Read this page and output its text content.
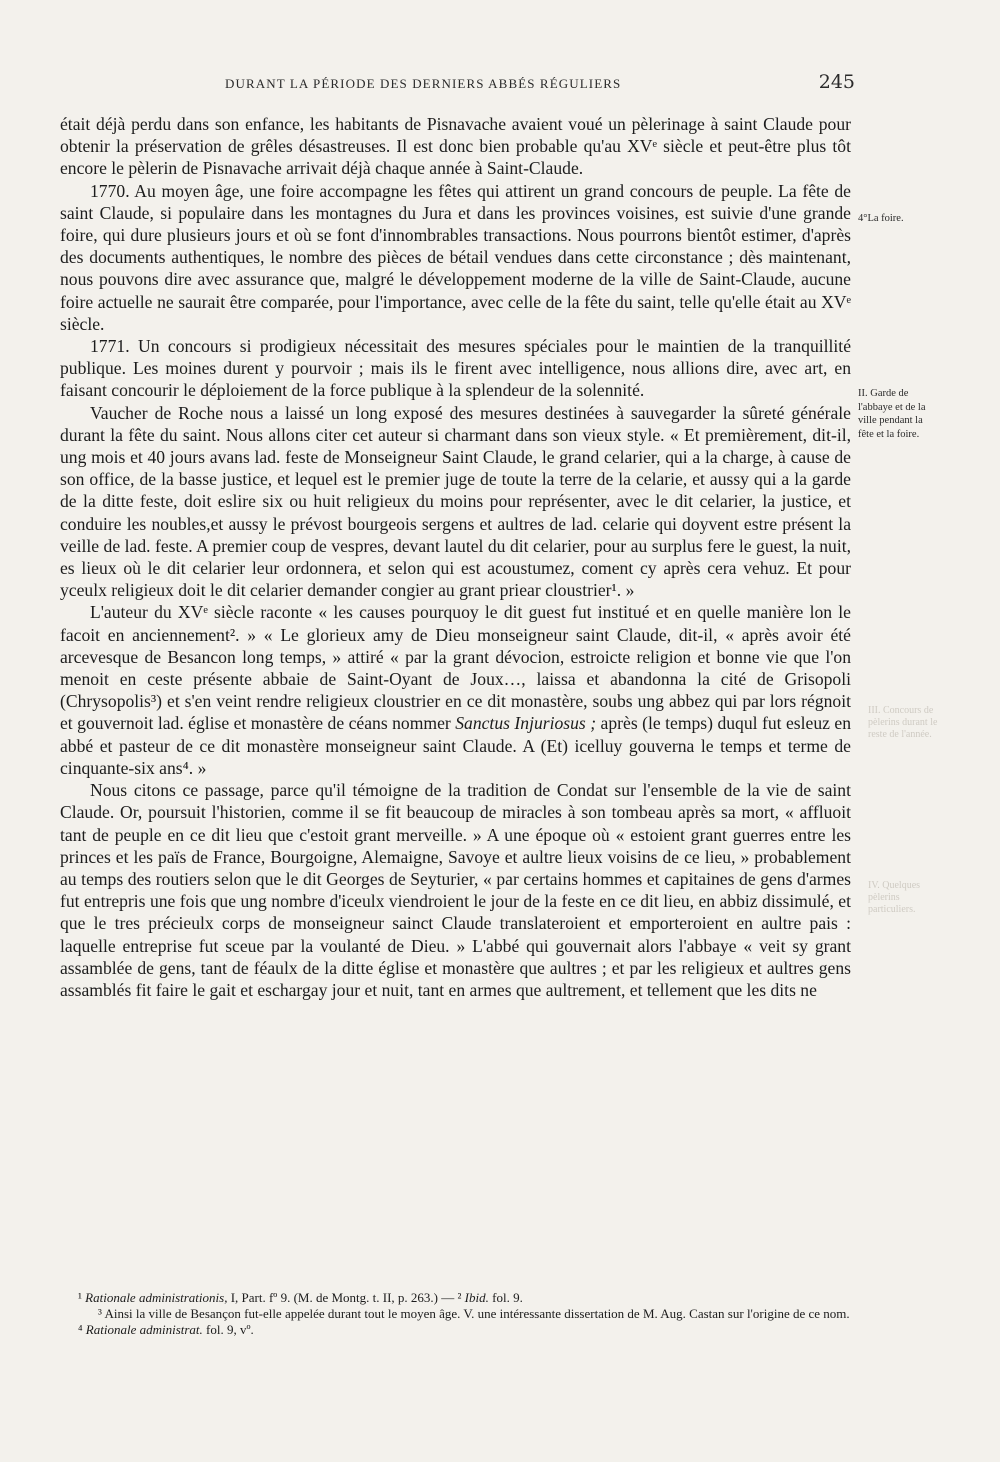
DURANT LA PÉRIODE DES DERNIERS ABBÉS RÉGULIERS	245
4°La foire.
II. Garde de l'abbaye et de la ville pendant la fête et la foire.
III. Concours de pèlerins durant le reste de l'année.
IV. Quelques pèlerins particuliers.

était déjà perdu dans son enfance, les habitants de Pisnavache avaient voué un pèlerinage à saint Claude pour obtenir la préservation de grêles désastreuses. Il est donc bien probable qu'au XVᵉ siècle et peut-être plus tôt encore le pèlerin de Pisnavache arrivait déjà chaque année à Saint-Claude.

1770. Au moyen âge, une foire accompagne les fêtes qui attirent un grand concours de peuple. La fête de saint Claude, si populaire dans les montagnes du Jura et dans les provinces voisines, est suivie d'une grande foire, qui dure plusieurs jours et où se font d'innombrables transactions. Nous pourrons bientôt estimer, d'après des documents authentiques, le nombre des pièces de bétail vendues dans cette circonstance ; dès maintenant, nous pouvons dire avec assurance que, malgré le développement moderne de la ville de Saint-Claude, aucune foire actuelle ne saurait être comparée, pour l'importance, avec celle de la fête du saint, telle qu'elle était au XVᵉ siècle.

1771. Un concours si prodigieux nécessitait des mesures spéciales pour le maintien de la tranquillité publique. Les moines durent y pourvoir ; mais ils le firent avec intelligence, nous allions dire, avec art, en faisant concourir le déploiement de la force publique à la splendeur de la solennité.

Vaucher de Roche nous a laissé un long exposé des mesures destinées à sauvegarder la sûreté générale durant la fête du saint. Nous allons citer cet auteur si charmant dans son vieux style. « Et premièrement, dit-il, ung mois et 40 jours avans lad. feste de Monseigneur Saint Claude, le grand celarier, qui a la charge, à cause de son office, de la basse justice, et lequel est le premier juge de toute la terre de la celarie, et aussy qui a la garde de la ditte feste, doit eslire six ou huit religieux du moins pour représenter, avec le dit celarier, la justice, et conduire les noubles,et aussy le prévost bourgeois sergens et aultres de lad. celarie qui doyvent estre présent la veille de lad. feste. A premier coup de vespres, devant lautel du dit celarier, pour au surplus fere le guest, la nuit, es lieux où le dit celarier leur ordonnera, et selon qui est acoustumez, coment cy après cera vehuz. Et pour yceulx religieux doit le dit celarier demander congier au grant priear cloustrier¹. »

L'auteur du XVᵉ siècle raconte « les causes pourquoy le dit guest fut institué et en quelle manière lon le facoit en anciennement². » « Le glorieux amy de Dieu monseigneur saint Claude, dit-il, « après avoir été arcevesque de Besancon long temps, » attiré « par la grant dévocion, estroicte religion et bonne vie que l'on menoit en ceste présente abbaie de Saint-Oyant de Joux…, laissa et abandonna la cité de Grisopoli (Chrysopolis³) et s'en veint rendre religieux cloustrier en ce dit monastère, soubs ung abbez qui par lors régnoit et gouvernoit lad. église et monastère de céans nommer Sanctus Injuriosus ; après (le temps) duqul fut esleuz en abbé et pasteur de ce dit monastère monseigneur saint Claude. A (Et) icelluy gouverna le temps et terme de cinquante-six ans⁴. »

Nous citons ce passage, parce qu'il témoigne de la tradition de Condat sur l'ensemble de la vie de saint Claude. Or, poursuit l'historien, comme il se fit beaucoup de miracles à son tombeau après sa mort, « affluoit tant de peuple en ce dit lieu que c'estoit grant merveille. » A une époque où « estoient grant guerres entre les princes et les païs de France, Bourgoigne, Alemaigne, Savoye et aultre lieux voisins de ce lieu, » probablement au temps des routiers selon que le dit Georges de Seyturier, « par certains hommes et capitaines de gens d'armes fut entrepris une fois que ung nombre d'iceulx viendroient le jour de la feste en ce dit lieu, en abbiz dissimulé, et que le tres précieulx corps de monseigneur sainct Claude translateroient et emporteroient en aultre pais : laquelle entreprise fut sceue par la voulanté de Dieu. » L'abbé qui gouvernait alors l'abbaye « veit sy grant assamblée de gens, tant de féaulx de la ditte église et monastère que aultres ; et par les religieux et aultres gens assamblés fit faire le gait et eschargay jour et nuit, tant en armes que aultrement, et tellement que les dits ne

¹ Rationale administrationis, I, Part. fº 9. (M. de Montg. t. II, p. 263.) — ² Ibid. fol. 9.

³ Ainsi la ville de Besançon fut-elle appelée durant tout le moyen âge. V. une intéressante dissertation de M. Aug. Castan sur l'origine de ce nom.

⁴ Rationale administrat. fol. 9, vº.
